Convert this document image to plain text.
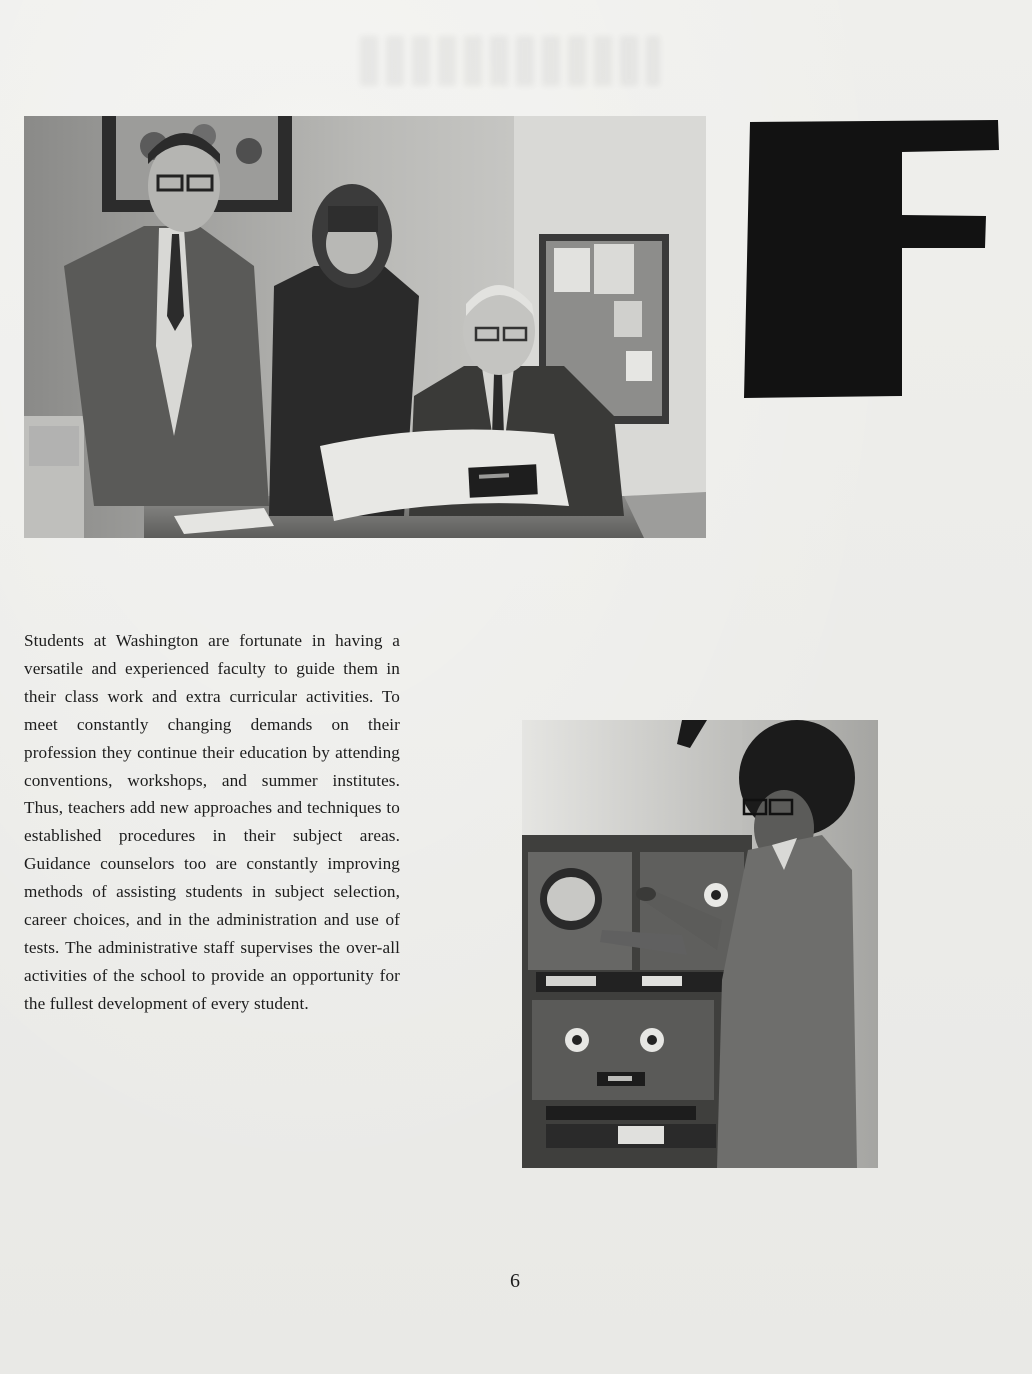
Students at Washington are fortunate in having a versatile and experienced faculty to guide them in their class work and extra curricular activities. To meet constantly changing demands on their profession they continue their education by attending conventions, workshops, and summer institutes. Thus, teachers add new approaches and techniques to established procedures in their subject areas. Guidance counselors too are constantly improving methods of assisting students in subject selection, career choices, and in the administration and use of tests. The administrative staff supervises the over-all activities of the school to provide an opportunity for the fullest development of every student.

6
